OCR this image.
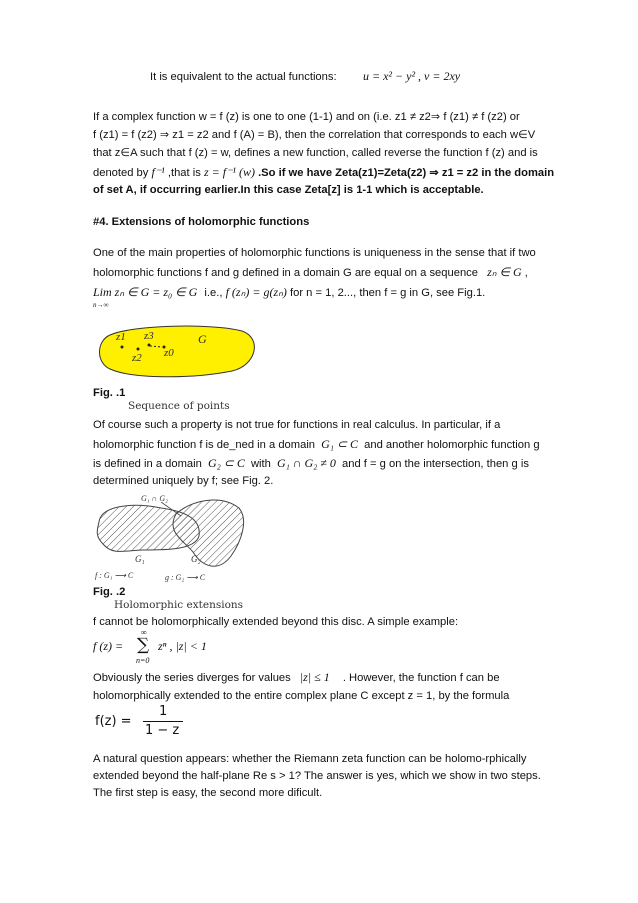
It is equivalent to the actual functions: u = x² − y² , v = 2xy
If a complex function w = f (z) is one to one (1-1) and on (i.e. z1 ≠ z2⇒ f (z1) ≠ f (z2) or
f (z1) = f (z2) ⇒ z1 = z2 and f (A) = B), then the correlation that corresponds to each w∈V
that z∈A such that f (z) = w, defines a new function, called reverse the function f (z) and is
denoted by f⁻¹ ,that is z = f⁻¹ (w) .So if we have Zeta(z1)=Zeta(z2) ⇒ z1 = z2 in the domain
of set A, if occurring earlier.In this case Zeta[z] is 1-1 which is acceptable.
#4. Extensions of holomorphic functions
One of the main properties of holomorphic functions is uniqueness in the sense that if two
holomorphic functions f and g defined in a domain G are equal on a sequence zₙ ∈ G ,
Lim zₙ ∈ G = z₀ ∈ G i.e., f (zₙ) = g(zₙ) for n = 1, 2..., then f = g in G, see Fig.1.
n→∞
z1
z2
z3
z0
G
Fig. .1
Sequence of points
Of course such a property is not true for functions in real calculus. In particular, if a
holomorphic function f is de_ned in a domain G₁ ⊂ C and another holomorphic function g
is defined in a domain G₂ ⊂ C with G₁ ∩ G₂ ≠ 0 and f = g on the intersection, then g is
determined uniquely by f; see Fig. 2.
G₁ ∩ G₂
G₁	G₂
f : G₁ ⟶ C	g : G₂ ⟶ C
Fig. .2
Holomorphic extensions
f cannot be holomorphically extended beyond this disc. A simple example:
f (z) =
∞
∑
n=0
zⁿ , |z| < 1
Obviously the series diverges for values |z| ≤ 1 . However, the function f can be
holomorphically extended to the entire complex plane C except z = 1, by the formula
f(z) =
1
1 − z
A natural question appears: whether the Riemann zeta function can be holomo-rphically
extended beyond the half-plane Re s > 1? The answer is yes, which we show in two steps.
The first step is easy, the second more dificult.
